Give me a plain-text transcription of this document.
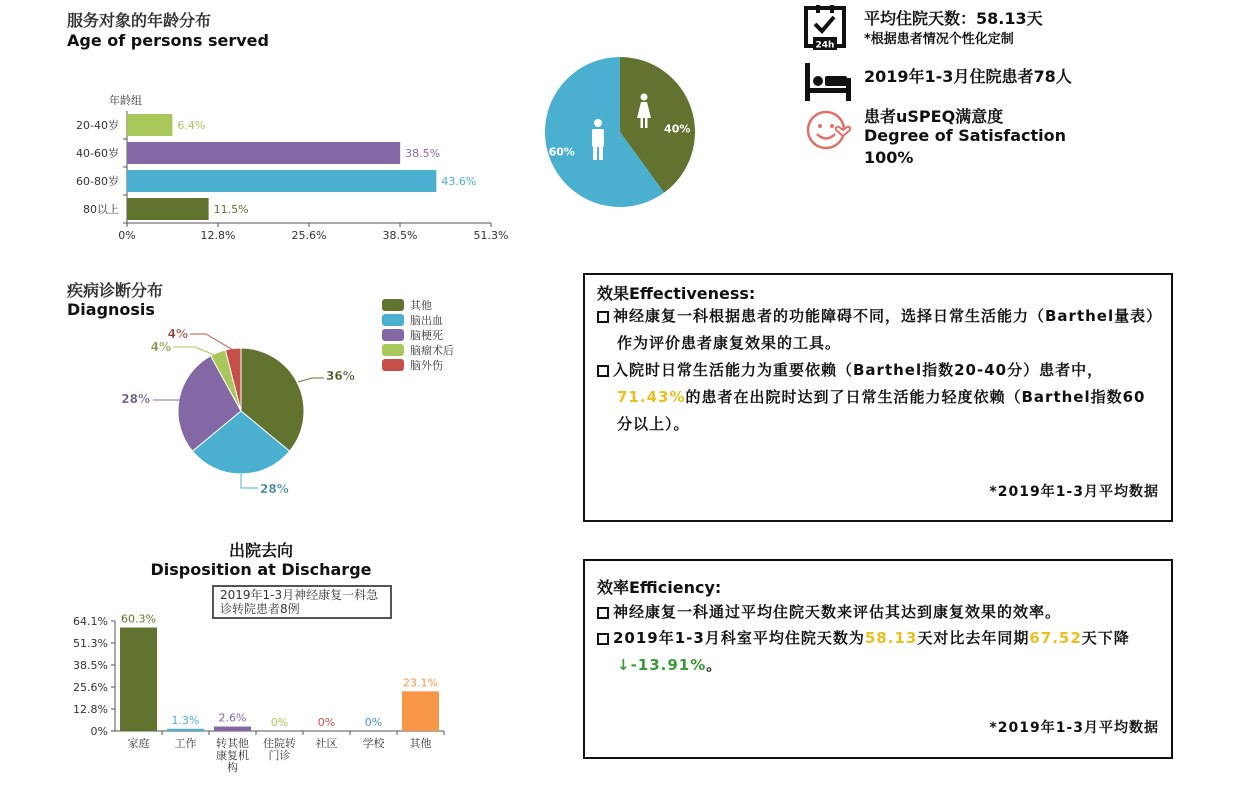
服务对象的年龄分布
Age of persons served
年龄组
20-40岁	6.4%
40-60岁	38.5%
60-80岁	43.6%
80以上	11.5%
0%	12.8%	25.6%	38.5%	51.3%
40%
60%
24h
平均住院天数：58.13天
*根据患者情况个性化定制
2019年1-3月住院患者78人
患者uSPEQ满意度
Degree of Satisfaction
100%
疾病诊断分布
Diagnosis
36%
28%
28%
4%
4%
其他
脑出血
脑梗死
脑瘤术后
脑外伤
出院去向
Disposition at Discharge
2019年1-3月神经康复一科急诊转院患者8例
0%
12.8%
25.6%
38.5%
51.3%
64.1% 60.3%
家庭
1.3%
工作
2.6%
转其他康复机构
0%
住院转门诊
0%
社区
0%
学校
23.1%
其他
效果Effectiveness:
神经康复一科根据患者的功能障碍不同，选择日常生活能力（Barthel量表）作为评价患者康复效果的工具。
入院时日常生活能力为重要依赖（Barthel指数20-40分）患者中，71.43%的患者在出院时达到了日常生活能力轻度依赖（Barthel指数60分以上）。
*2019年1-3月平均数据
效率Efficiency:
神经康复一科通过平均住院天数来评估其达到康复效果的效率。
2019年1-3月科室平均住院天数为58.13天对比去年同期67.52天下降↓-13.91%。
*2019年1-3月平均数据
